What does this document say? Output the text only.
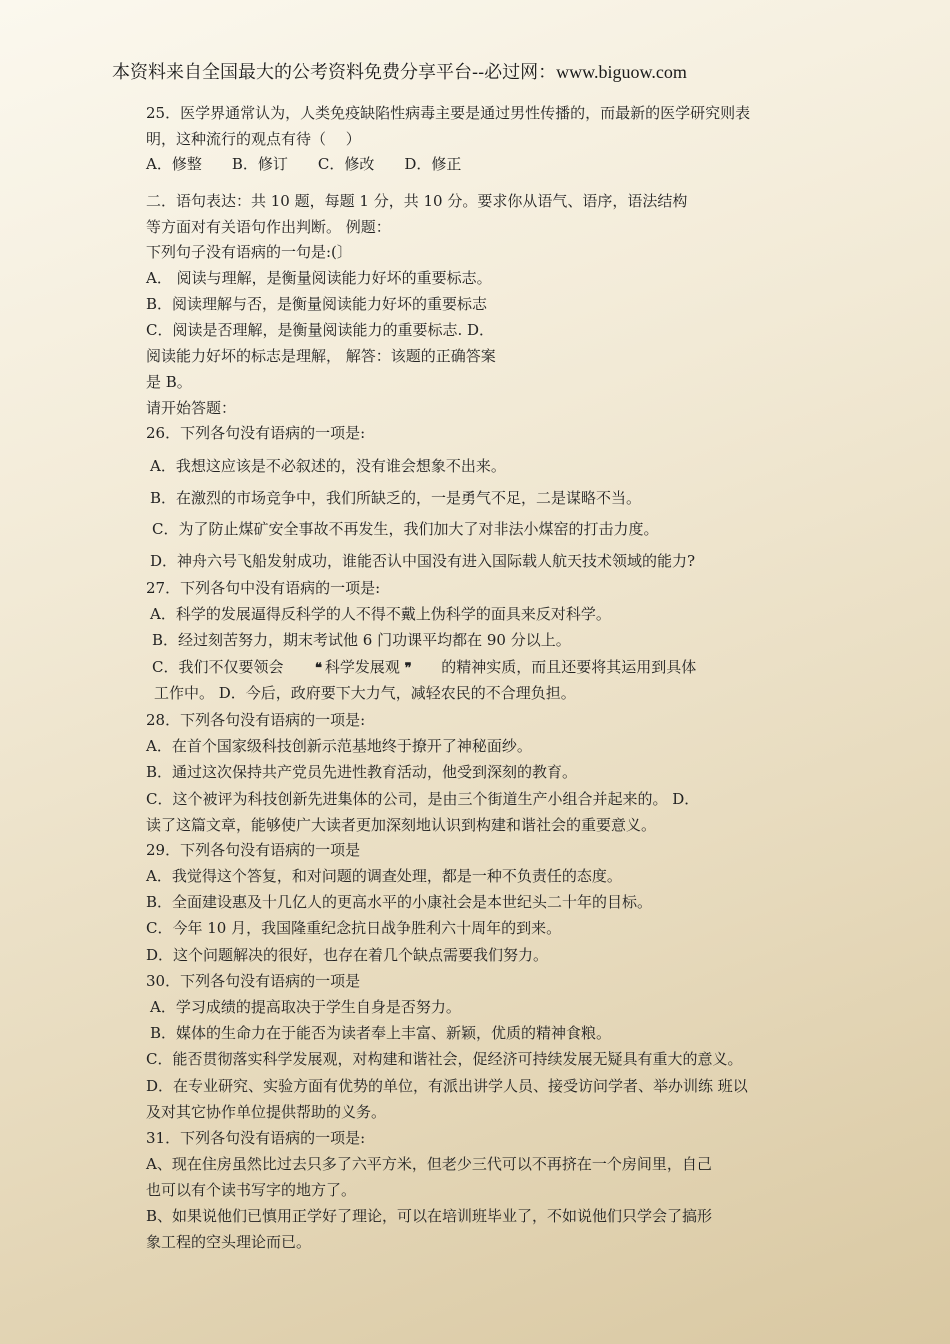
本资料来自全国最大的公考资料免费分享平台--必过网：www.biguow.com
25．医学界通常认为，人类免疫缺陷性病毒主要是通过男性传播的，而最新的医学研究则表
明，这种流行的观点有待（　 ）
A．修整　　B．修订　　C．修改　　D．修正
二．语句表达：共 10 题，每题 1 分，共 10 分。要求你从语气、语序，语法结构
等方面对有关语句作出判断。 例题：
下列句子没有语病的一句是:(〕
A． 阅读与理解，是衡量阅读能力好坏的重要标志。
B．阅读理解与否，是衡量阅读能力好坏的重要标志
C．阅读是否理解，是衡量阅读能力的重要标志. D．
阅读能力好坏的标志是理解， 解答：该题的正确答案
是 B。
请开始答题：
26．下列各句没有语病的一项是:
A．我想这应该是不必叙述的，没有谁会想象不出来。
B．在激烈的市场竞争中，我们所缺乏的，一是勇气不足，二是谋略不当。
C．为了防止煤矿安全事故不再发生，我们加大了对非法小煤窑的打击力度。
D．神舟六号飞船发射成功，谁能否认中国没有进入国际载人航天技术领域的能力?
27．下列各句中没有语病的一项是:
A．科学的发展逼得反科学的人不得不戴上伪科学的面具来反对科学。
B．经过刻苦努力，期末考试他 6 门功课平均都在 90 分以上。
C．我们不仅要领会 ❝ 科学发展观 ❞ 的精神实质，而且还要将其运用到具体
工作中。 D．今后，政府要下大力气，减轻农民的不合理负担。
28．下列各句没有语病的一项是:
A．在首个国家级科技创新示范基地终于撩开了神秘面纱。
B．通过这次保持共产党员先进性教育活动，他受到深刻的教育。
C．这个被评为科技创新先进集体的公司，是由三个街道生产小组合并起来的。 D．
读了这篇文章，能够使广大读者更加深刻地认识到构建和谐社会的重要意义。
29．下列各句没有语病的一项是
A．我觉得这个答复，和对问题的调查处理，都是一种不负责任的态度。
B．全面建设惠及十几亿人的更高水平的小康社会是本世纪头二十年的目标。
C．今年 10 月，我国隆重纪念抗日战争胜利六十周年的到来。
D．这个问题解决的很好，也存在着几个缺点需要我们努力。
30．下列各句没有语病的一项是
A．学习成绩的提高取决于学生自身是否努力。
B．媒体的生命力在于能否为读者奉上丰富、新颖，优质的精神食粮。
C．能否贯彻落实科学发展观，对构建和谐社会，促经济可持续发展无疑具有重大的意义。
D．在专业研究、实验方面有优势的单位，有派出讲学人员、接受访问学者、举办训练 班以
及对其它协作单位提供帮助的义务。
31．下列各句没有语病的一项是:
A、现在住房虽然比过去只多了六平方米，但老少三代可以不再挤在一个房间里，自己
也可以有个读书写字的地方了。
B、如果说他们已慎用正学好了理论，可以在培训班毕业了，不如说他们只学会了搞形
象工程的空头理论而已。
